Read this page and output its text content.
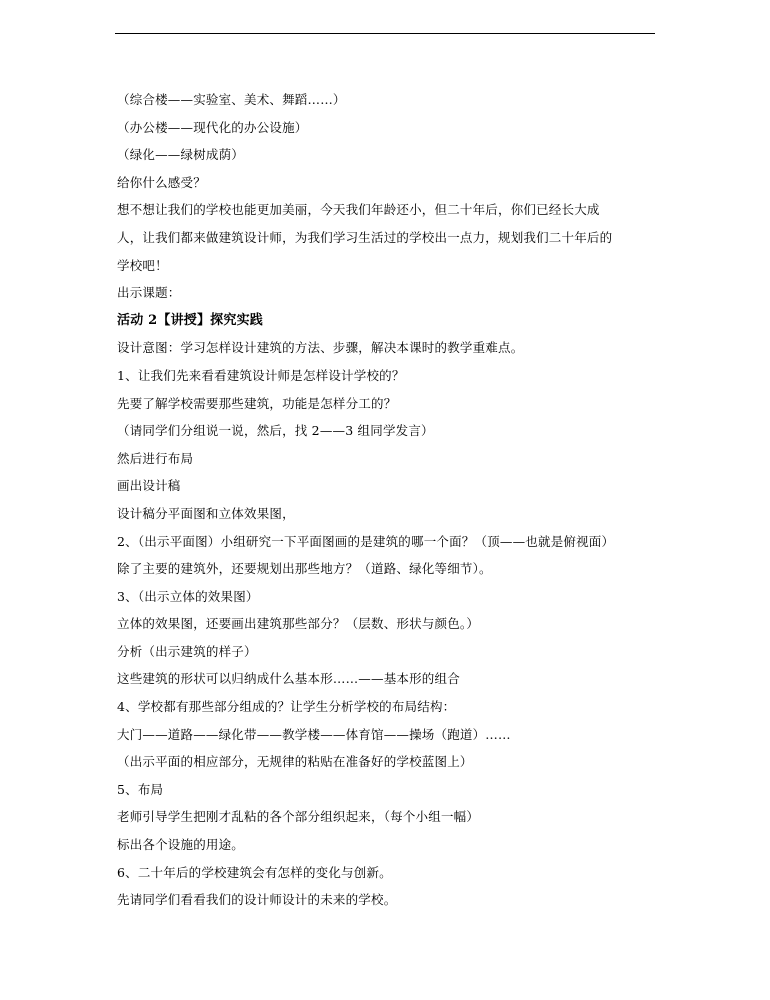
（综合楼——实验室、美术、舞蹈……）
（办公楼——现代化的办公设施）
（绿化——绿树成荫）
给你什么感受？
想不想让我们的学校也能更加美丽，今天我们年龄还小，但二十年后，你们已经长大成
人，让我们都来做建筑设计师，为我们学习生活过的学校出一点力，规划我们二十年后的
学校吧！
出示课题：
活动 2【讲授】探究实践
设计意图：学习怎样设计建筑的方法、步骤，解决本课时的教学重难点。
1、让我们先来看看建筑设计师是怎样设计学校的？
先要了解学校需要那些建筑，功能是怎样分工的？
（请同学们分组说一说，然后，找 2——3 组同学发言）
然后进行布局
画出设计稿
设计稿分平面图和立体效果图，
2、（出示平面图）小组研究一下平面图画的是建筑的哪一个面？（顶——也就是俯视面）
除了主要的建筑外，还要规划出那些地方？（道路、绿化等细节）。
3、（出示立体的效果图）
立体的效果图，还要画出建筑那些部分？（层数、形状与颜色。）
分析（出示建筑的样子）
这些建筑的形状可以归纳成什么基本形……——基本形的组合
4、学校都有那些部分组成的？让学生分析学校的布局结构：
大门——道路——绿化带——教学楼——体育馆——操场（跑道）……
（出示平面的相应部分，无规律的粘贴在准备好的学校蓝图上）
5、布局
老师引导学生把刚才乱粘的各个部分组织起来，（每个小组一幅）
标出各个设施的用途。
6、二十年后的学校建筑会有怎样的变化与创新。
先请同学们看看我们的设计师设计的未来的学校。
